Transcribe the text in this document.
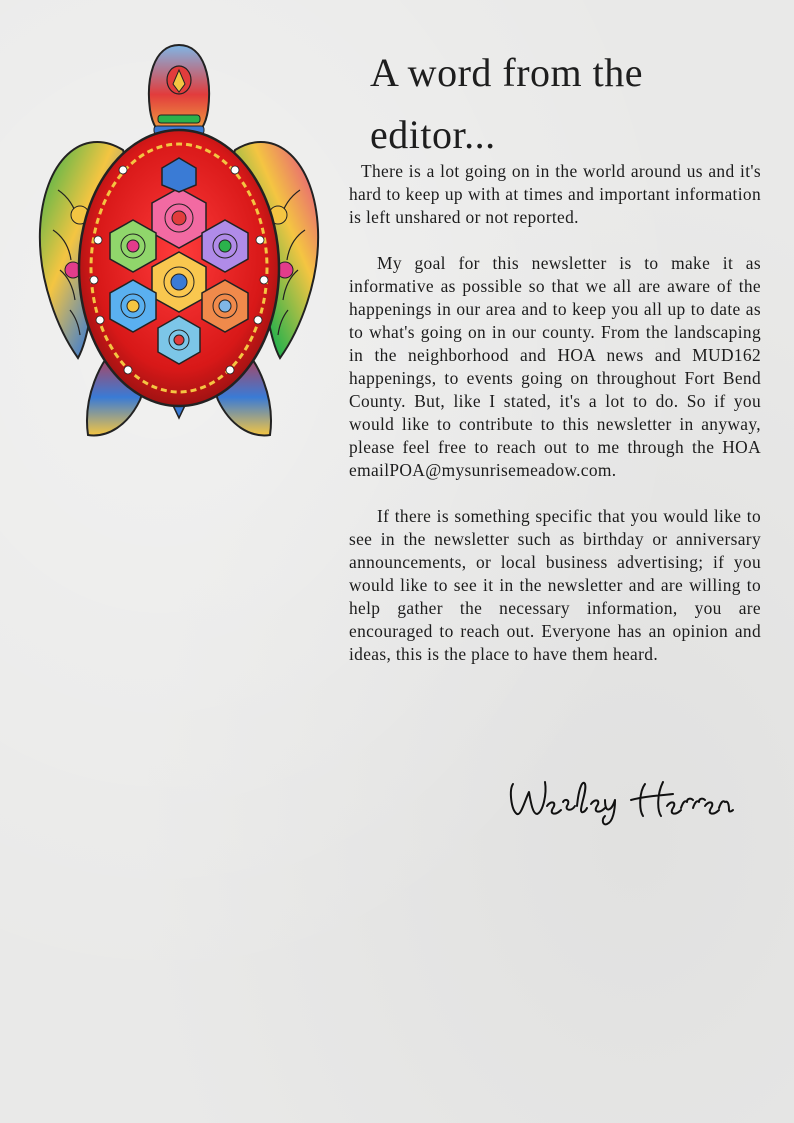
A word from the editor...

There is a lot going on in the world around us and it's hard to keep up with at times and important information is left unshared or not reported.

My goal for this newsletter is to make it as informative as possible so that we all are aware of the happenings in our area and to keep you all up to date as to what's going on in our county. From the landscaping in the neighborhood and HOA news and MUD162 happenings, to events going on throughout Fort Bend County. But, like I stated, it's a lot to do. So if you would like to contribute to this newsletter in anyway, please feel free to reach out to me through the HOA emailPOA@mysunrisemeadow.com.

If there is something specific that you would like to see in the newsletter such as birthday or anniversary announcements, or local business advertising; if you would like to see it in the newsletter and are willing to help gather the necessary information, you are encouraged to reach out. Everyone has an opinion and ideas, this is the place to have them heard.
